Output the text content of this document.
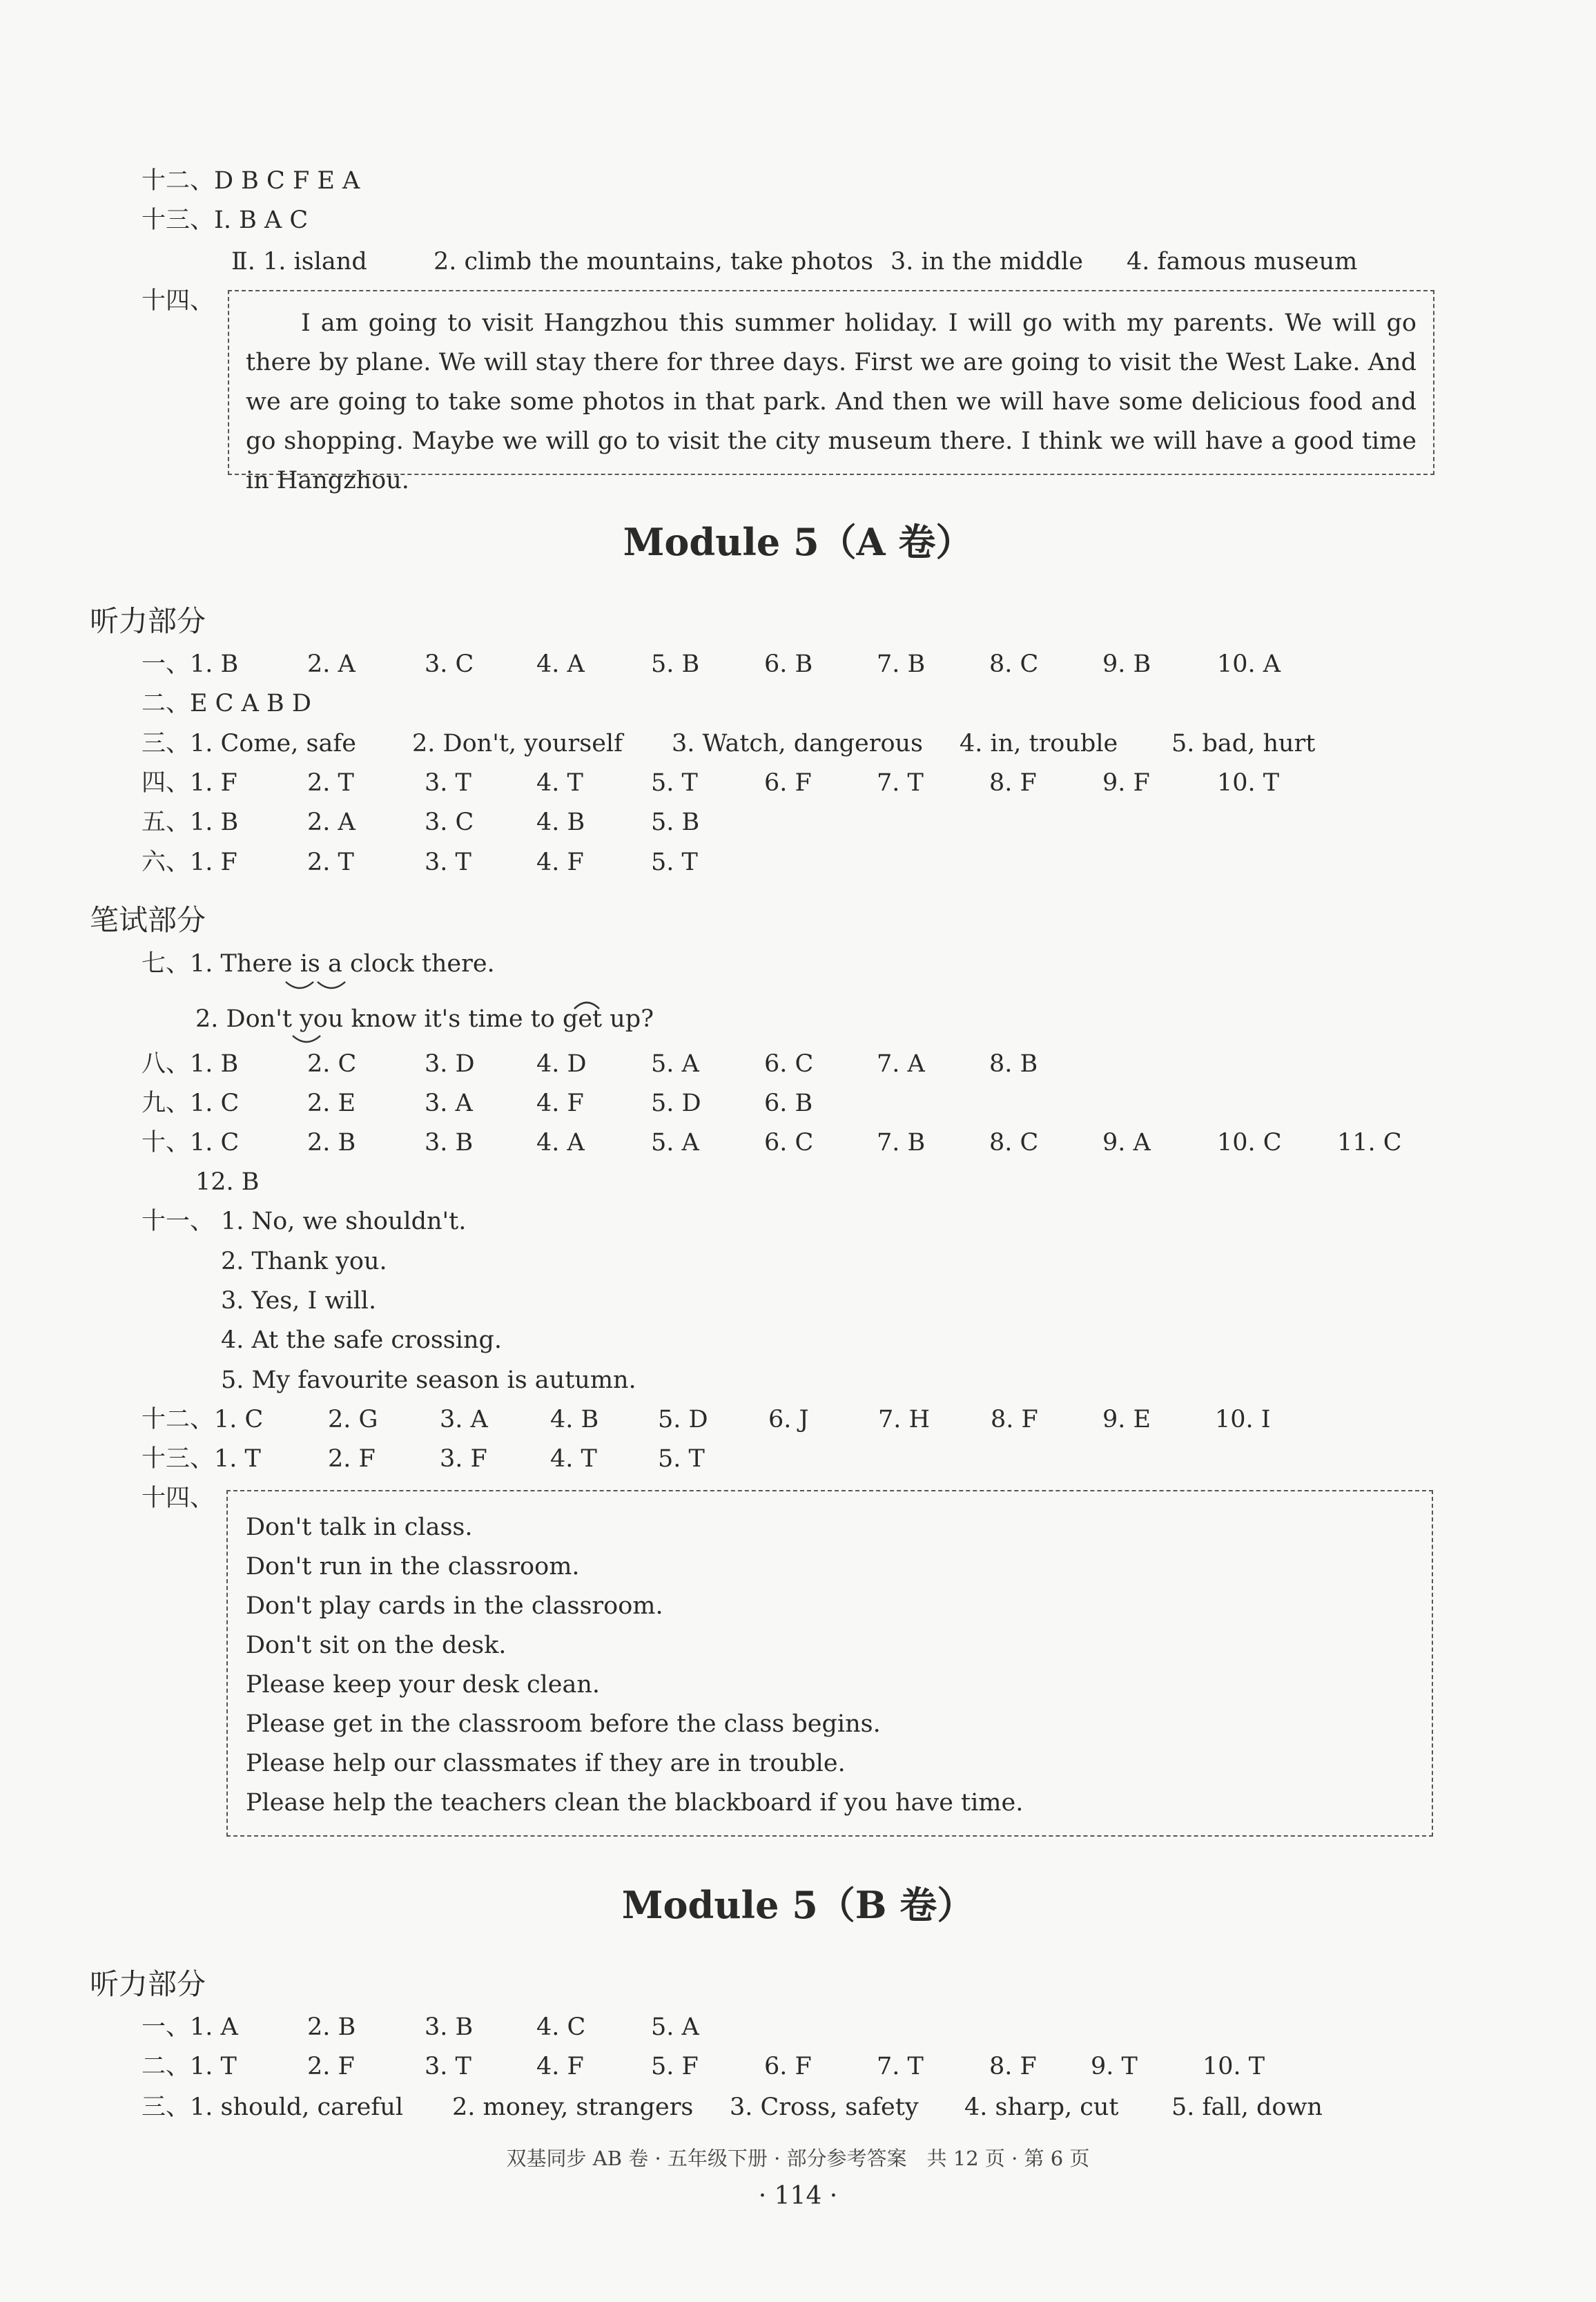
十二、D B C F E A
十三、Ⅰ. B A C
Ⅱ. 1. island	2. climb the mountains, take photos 3. in the middle 4. famous museum
十四、
I am going to visit Hangzhou this summer holiday. I will go with my parents. We will go there by plane. We will stay there for three days. First we are going to visit the West Lake. And we are going to take some photos in that park. And then we will have some delicious food and go shopping. Maybe we will go to visit the city museum there. I think we will have a good time in Hangzhou.
Module 5（A 卷）
听力部分
一、1. B	2. A	3. C	4. A	5. B	6. B	7. B	8. C	9. B	10. A
二、E C A B D
三、1. Come, safe 2. Don't, yourself 3. Watch, dangerous 4. in, trouble 5. bad, hurt
四、1. F	2. T	3. T	4. T	5. T	6. F	7. T	8. F	9. F	10. T
五、1. B	2. A	3. C	4. B	5. B
六、1. F	2. T	3. T	4. F	5. T
笔试部分
七、1. There is a clock there.
2. Don't you know it's time to get up?
八、1. B	2. C	3. D	4. D	5. A	6. C	7. A	8. B
九、1. C	2. E	3. A	4. F	5. D	6. B
十、1. C	2. B	3. B	4. A	5. A	6. C	7. B	8. C	9. A	10. C 11. C
12. B
十一、 1. No, we shouldn't.
2. Thank you.
3. Yes, I will.
4. At the safe crossing.
5. My favourite season is autumn.
十二、1. C	2. G	3. A	4. B 5. D 6. J	7. H	8. F	9. E	10. I
十三、1. T	2. F	3. F	4. T	5. T
十四、
Don't talk in class.
Don't run in the classroom.
Don't play cards in the classroom.
Don't sit on the desk.
Please keep your desk clean.
Please get in the classroom before the class begins.
Please help our classmates if they are in trouble.
Please help the teachers clean the blackboard if you have time.
Module 5（B 卷）
听力部分
一、1. A	2. B	3. B	4. C	5. A
二、1. T	2. F	3. T	4. F	5. F	6. F	7. T	8. F 9. T	10. T
三、1. should, careful 2. money, strangers 3. Cross, safety 4. sharp, cut 5. fall, down
双基同步 AB 卷 · 五年级下册 · 部分参考答案　共 12 页 · 第 6 页
· 114 ·
